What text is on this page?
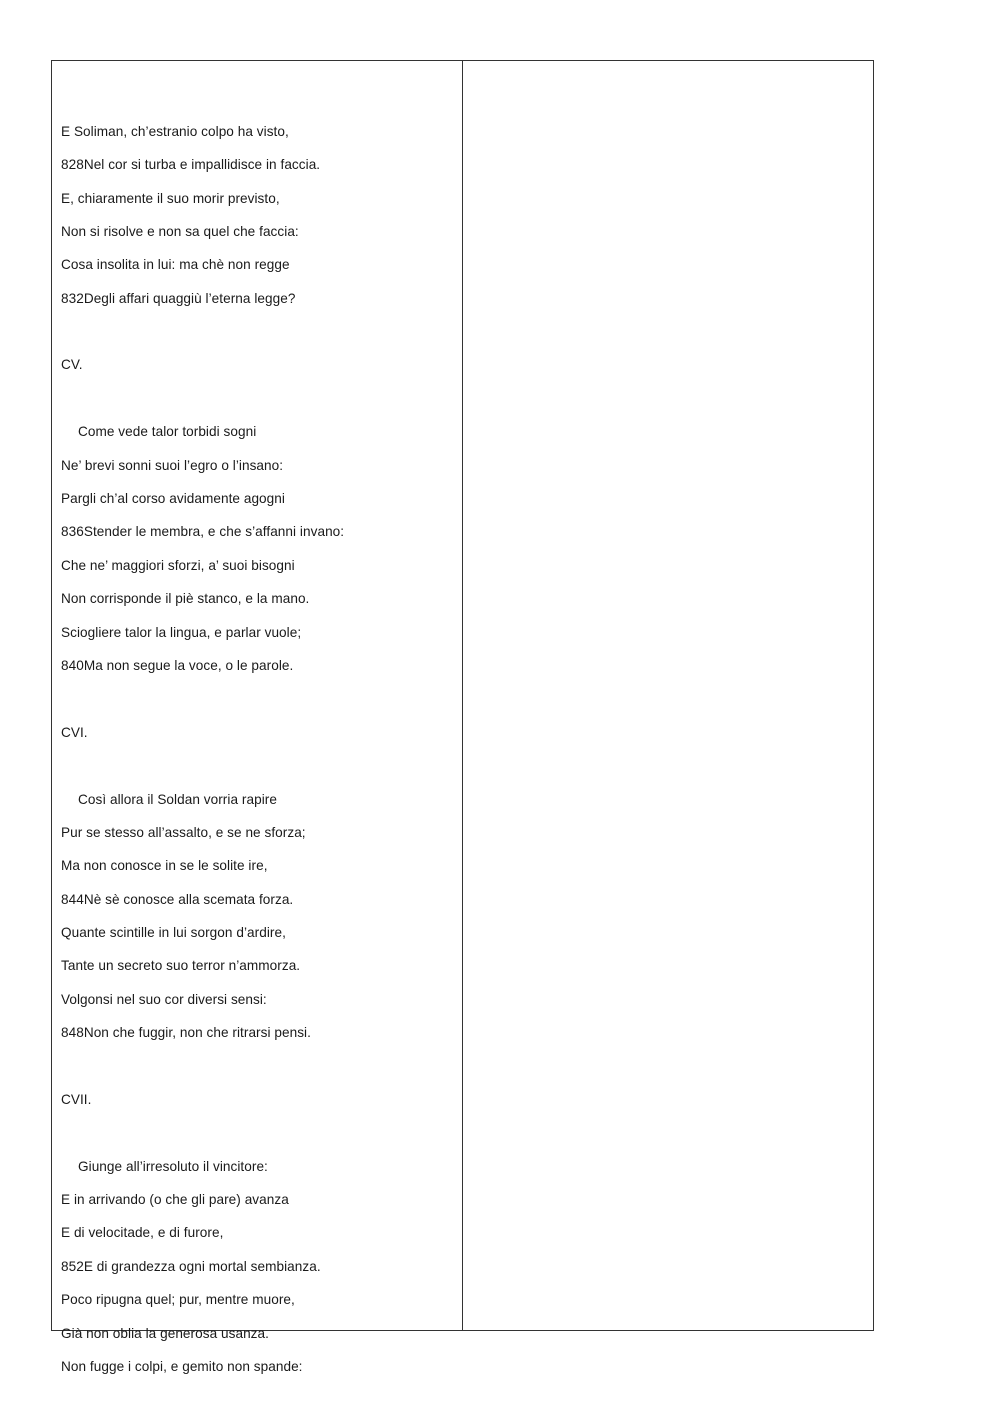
E Soliman, ch’estranio colpo ha visto,
828Nel cor si turba e impallidisce in faccia.
E, chiaramente il suo morir previsto,
Non si risolve e non sa quel che faccia:
Cosa insolita in lui: ma chè non regge
832Degli affari quaggiù l’eterna legge?
CV.
Come vede talor torbidi sogni
Ne’ brevi sonni suoi l’egro o l’insano:
Pargli ch’al corso avidamente agogni
836Stender le membra, e che s’affanni invano:
Che ne’ maggiori sforzi, a’ suoi bisogni
Non corrisponde il piè stanco, e la mano.
Sciogliere talor la lingua, e parlar vuole;
840Ma non segue la voce, o le parole.
CVI.
Così allora il Soldan vorria rapire
Pur se stesso all’assalto, e se ne sforza;
Ma non conosce in se le solite ire,
844Nè sè conosce alla scemata forza.
Quante scintille in lui sorgon d’ardire,
Tante un secreto suo terror n’ammorza.
Volgonsi nel suo cor diversi sensi:
848Non che fuggir, non che ritrarsi pensi.
CVII.
Giunge all’irresoluto il vincitore:
E in arrivando (o che gli pare) avanza
E di velocitade, e di furore,
852E di grandezza ogni mortal sembianza.
Poco ripugna quel; pur, mentre muore,
Già non oblia la generosa usanza.
Non fugge i colpi, e gemito non spande:
